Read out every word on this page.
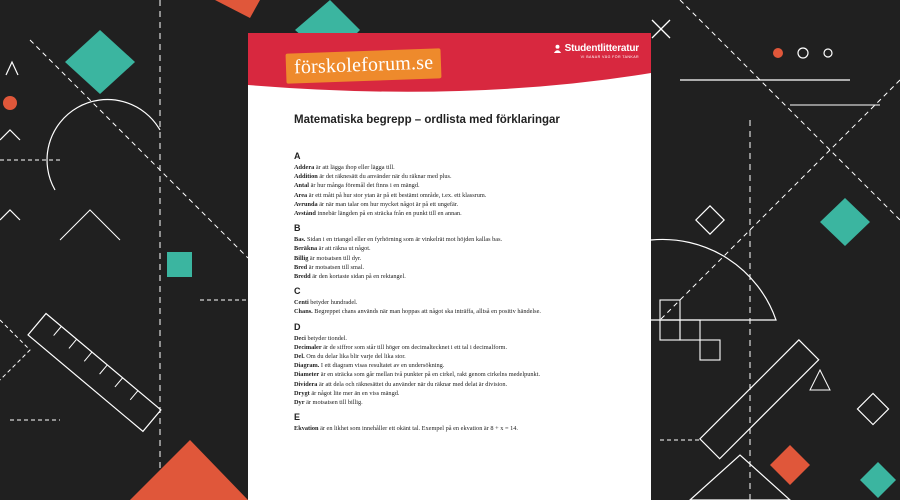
förskoleforum.se
Studentlitteratur
VI BANAR VÄG FÖR TANKAR
Matematiska begrepp – ordlista med förklaringar
A
Addera är att lägga ihop eller lägga till.
Addition är det räknesätt du använder när du räknar med plus.
Antal är hur många föremål det finns i en mängd.
Area är ett mått på hur stor ytan är på ett bestämt område, t.ex. ett klassrum.
Avrunda är när man talar om hur mycket något är på ett ungefär.
Avstånd innebär längden på en sträcka från en punkt till en annan.
B
Bas. Sidan i en triangel eller en fyrhörning som är vinkelrät mot höjden kallas bas.
Beräkna är att räkna ut något.
Billig är motsatsen till dyr.
Bred är motsatsen till smal.
Bredd är den kortaste sidan på en rektangel.
C
Centi betyder hundradel.
Chans. Begreppet chans används när man hoppas att något ska inträffa, alltså en positiv händelse.
D
Deci betyder tiondel.
Decimaler är de siffror som står till höger om decimaltecknet i ett tal i decimalform.
Del. Om du delar lika blir varje del lika stor.
Diagram. I ett diagram visas resultatet av en undersökning.
Diameter är en sträcka som går mellan två punkter på en cirkel, rakt genom cirkelns medelpunkt.
Dividera är att dela och räknesättet du använder när du räknar med delat är division.
Drygt är något lite mer än en viss mängd.
Dyr är motsatsen till billig.
E
Ekvation är en likhet som innehåller ett okänt tal. Exempel på en ekvation är 8 + x = 14.
